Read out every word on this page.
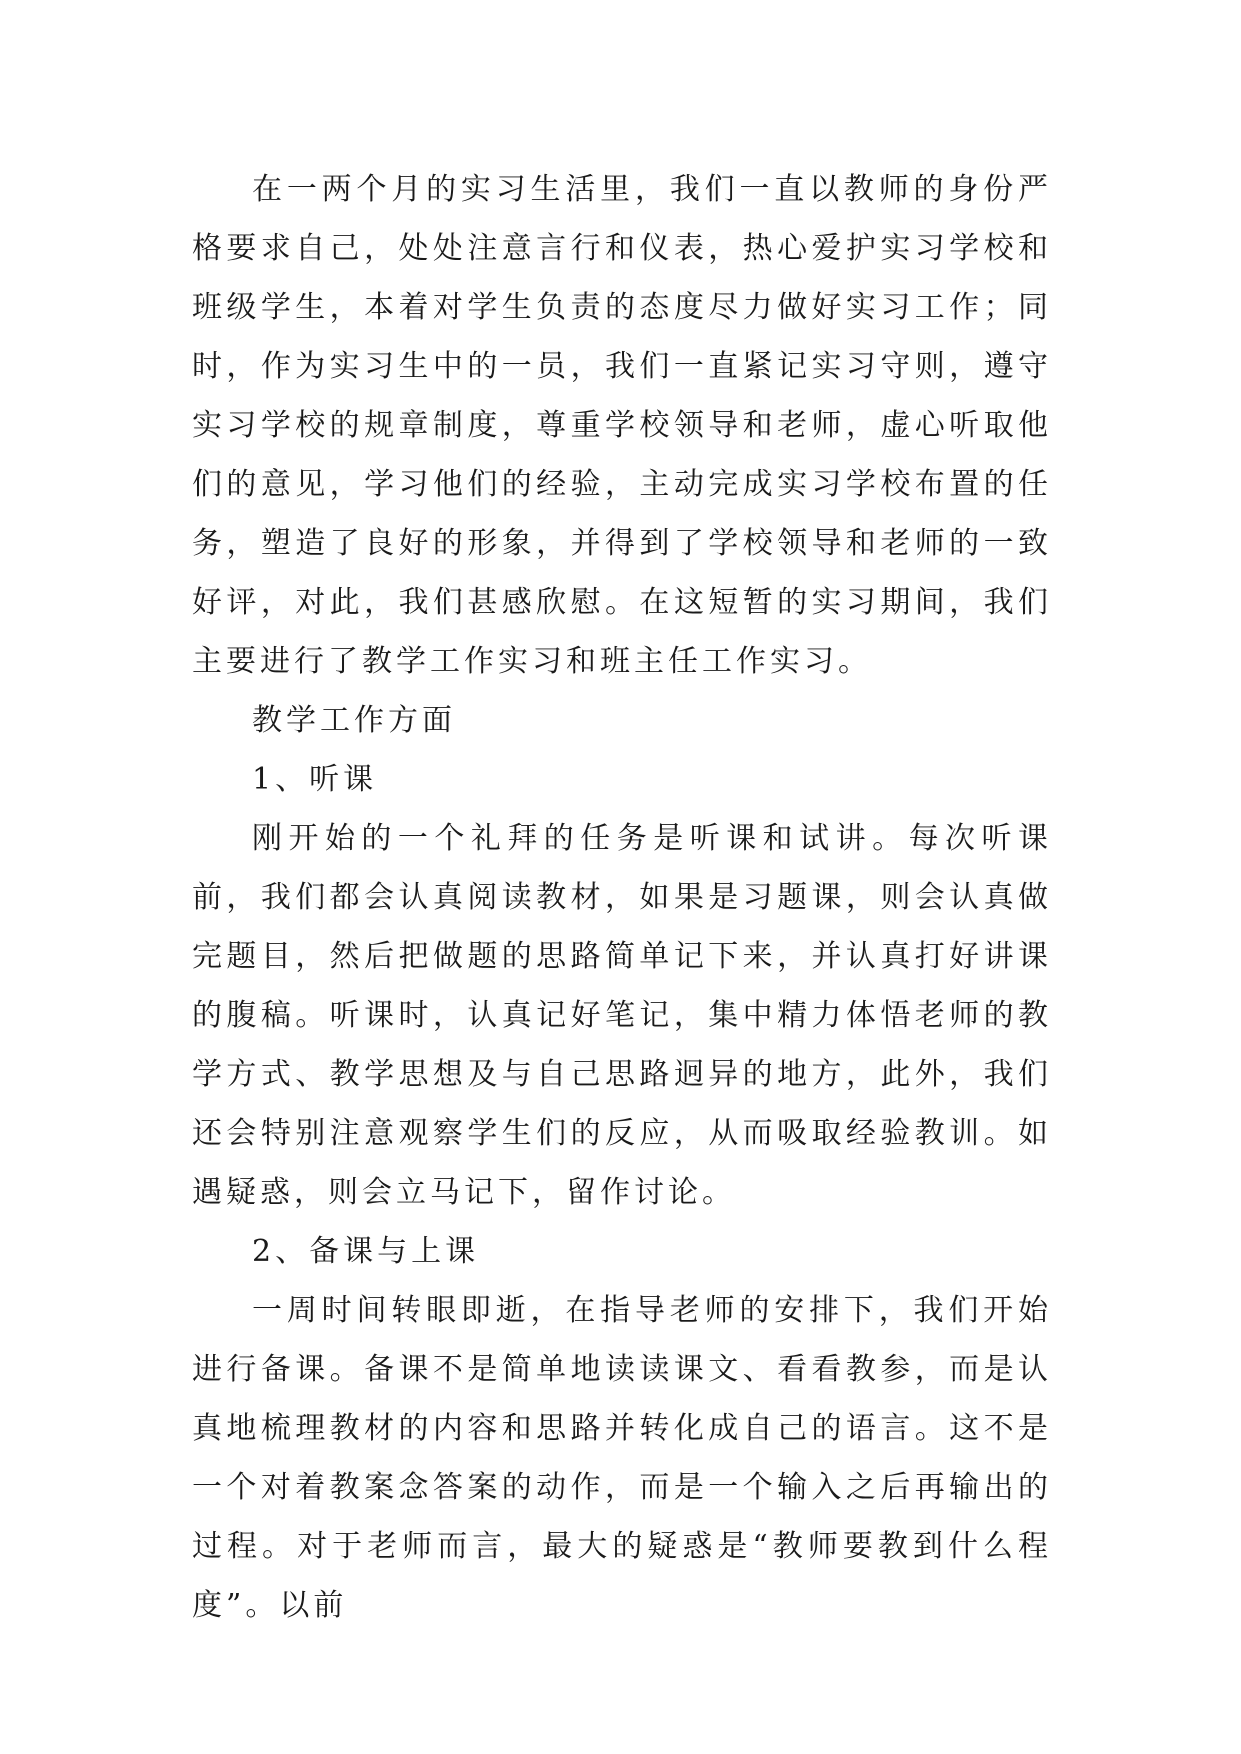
在一两个月的实习生活里，我们一直以教师的身份严格要求自己，处处注意言行和仪表，热心爱护实习学校和班级学生，本着对学生负责的态度尽力做好实习工作；同时，作为实习生中的一员，我们一直紧记实习守则，遵守实习学校的规章制度，尊重学校领导和老师，虚心听取他们的意见，学习他们的经验，主动完成实习学校布置的任务，塑造了良好的形象，并得到了学校领导和老师的一致好评，对此，我们甚感欣慰。在这短暂的实习期间，我们主要进行了教学工作实习和班主任工作实习。

教学工作方面

1、听课

刚开始的一个礼拜的任务是听课和试讲。每次听课前，我们都会认真阅读教材，如果是习题课，则会认真做完题目，然后把做题的思路简单记下来，并认真打好讲课的腹稿。听课时，认真记好笔记，集中精力体悟老师的教学方式、教学思想及与自己思路迥异的地方，此外，我们还会特别注意观察学生们的反应，从而吸取经验教训。如遇疑惑，则会立马记下，留作讨论。

2、备课与上课

一周时间转眼即逝，在指导老师的安排下，我们开始进行备课。备课不是简单地读读课文、看看教参，而是认真地梳理教材的内容和思路并转化成自己的语言。这不是一个对着教案念答案的动作，而是一个输入之后再输出的过程。对于老师而言，最大的疑惑是“教师要教到什么程度”。以前
